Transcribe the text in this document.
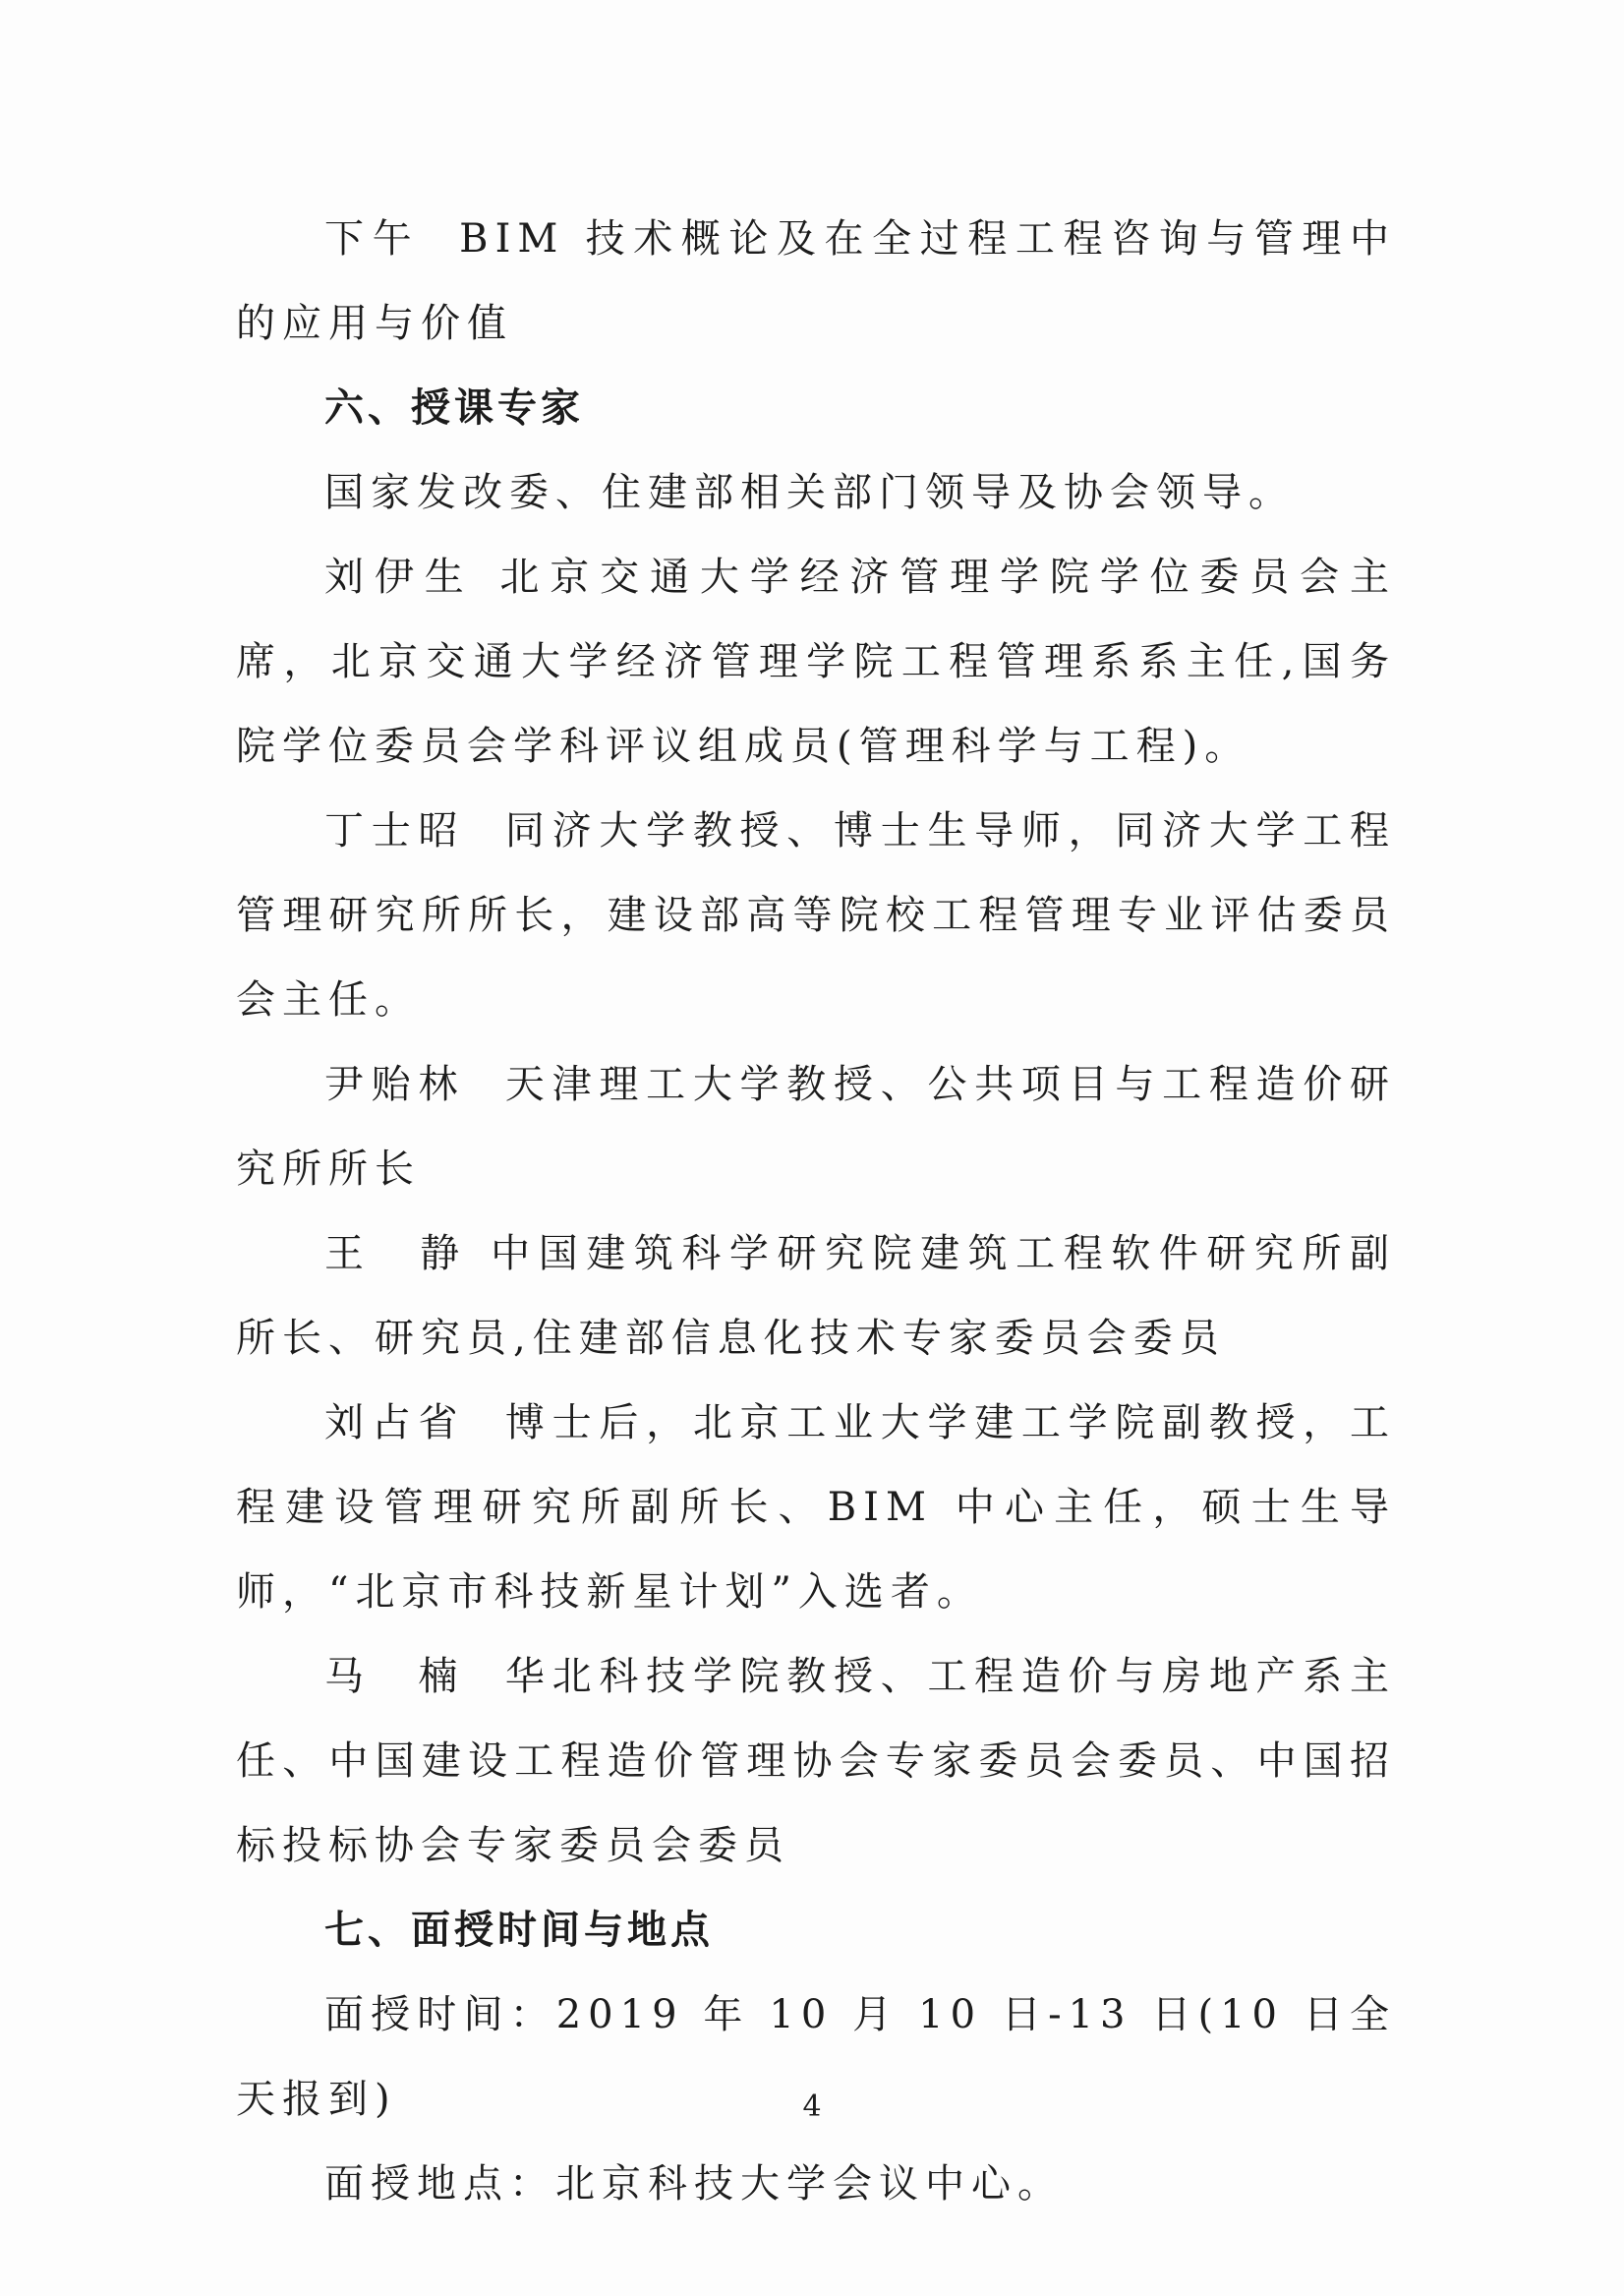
下午 BIM 技术概论及在全过程工程咨询与管理中的应用与价值

六、授课专家

国家发改委、住建部相关部门领导及协会领导。

刘伊生 北京交通大学经济管理学院学位委员会主席，北京交通大学经济管理学院工程管理系系主任,国务院学位委员会学科评议组成员(管理科学与工程)。

丁士昭 同济大学教授、博士生导师，同济大学工程管理研究所所长，建设部高等院校工程管理专业评估委员会主任。

尹贻林 天津理工大学教授、公共项目与工程造价研究所所长

王　静 中国建筑科学研究院建筑工程软件研究所副所长、研究员,住建部信息化技术专家委员会委员

刘占省 博士后，北京工业大学建工学院副教授，工程建设管理研究所副所长、BIM 中心主任，硕士生导师，“北京市科技新星计划”入选者。

马　楠 华北科技学院教授、工程造价与房地产系主任、中国建设工程造价管理协会专家委员会委员、中国招标投标协会专家委员会委员

七、面授时间与地点

面授时间：2019 年 10 月 10 日-13 日(10 日全天报到)

面授地点：北京科技大学会议中心。

4
